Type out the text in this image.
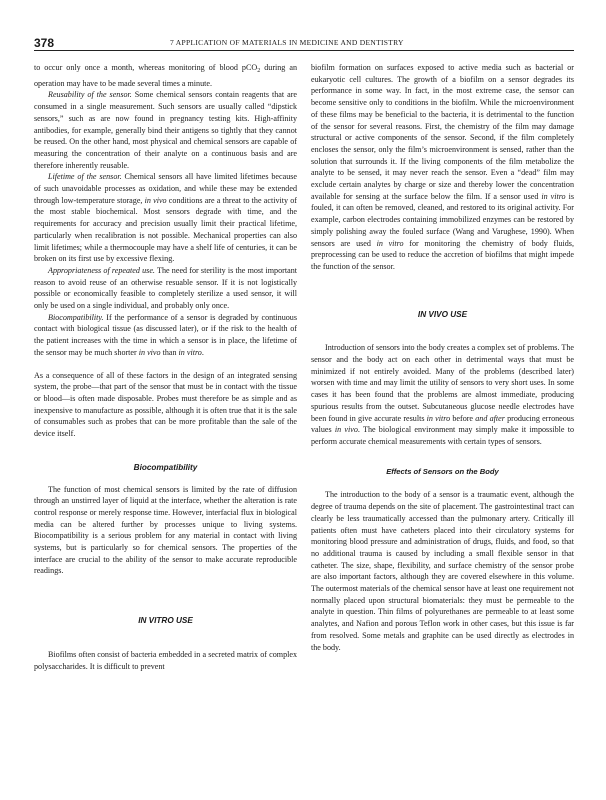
378	7 APPLICATION OF MATERIALS IN MEDICINE AND DENTISTRY

to occur only once a month, whereas monitoring of blood pCO$_2$ during an operation may have to be made several times a minute.

Reusability of the sensor. Some chemical sensors contain reagents that are consumed in a single measurement. Such sensors are usually called “dipstick sensors,” such as are now found in pregnancy testing kits. High-affinity antibodies, for example, generally bind their antigens so tightly that they cannot be reused. On the other hand, most physical and chemical sensors are capable of measuring the concentration of their analyte on a continuous basis and are therefore inherently reusable.

Lifetime of the sensor. Chemical sensors all have limited lifetimes because of such unavoidable processes as oxidation, and while these may be extended through low-temperature storage, in vivo conditions are a threat to the activity of the most stable biochemical. Most sensors degrade with time, and the requirements for accuracy and precision usually limit their practical lifetime, particularly when recalibration is not possible. Mechanical properties can also limit lifetimes; while a thermocouple may have a shelf life of centuries, it can be broken on its first use by excessive flexing.

Appropriateness of repeated use. The need for sterility is the most important reason to avoid reuse of an otherwise resuable sensor. If it is not logistically possible or economically feasible to completely sterilize a used sensor, it will only be used on a single individual, and probably only once.

Biocompatibility. If the performance of a sensor is degraded by continuous contact with biological tissue (as discussed later), or if the risk to the health of the patient increases with the time in which a sensor is in place, the lifetime of the sensor may be much shorter in vivo than in vitro.

As a consequence of all of these factors in the design of an integrated sensing system, the probe—that part of the sensor that must be in contact with the tissue or blood—is often made disposable. Probes must therefore be as simple and as inexpensive to manufacture as possible, although it is often true that it is the sale of consumables such as probes that can be more profitable than the sale of the device itself.

Biocompatibility

The function of most chemical sensors is limited by the rate of diffusion through an unstirred layer of liquid at the interface, whether the alteration is rate control response or merely response time. However, interfacial flux in biological media can be altered further by processes unique to living systems. Biocompatibility is a serious problem for any material in contact with living systems, but is particularly so for chemical sensors. The properties of the interface are crucial to the ability of the sensor to make accurate reproducible readings.

IN VITRO USE

Biofilms often consist of bacteria embedded in a secreted matrix of complex polysaccharides. It is difficult to prevent

biofilm formation on surfaces exposed to active media such as bacterial or eukaryotic cell cultures. The growth of a biofilm on a sensor degrades its performance in some way. In fact, in the most extreme case, the sensor can become sensitive only to conditions in the biofilm. While the microenvironment of these films may be beneficial to the bacteria, it is detrimental to the function of the sensor for several reasons. First, the chemistry of the film may damage structural or active components of the sensor. Second, if the film completely encloses the sensor, only the film’s microenvironment is sensed, rather than the solution that surrounds it. If the living components of the film metabolize the analyte to be sensed, it may never reach the sensor. Even a “dead” film may exclude certain analytes by charge or size and thereby lower the concentration available for sensing at the surface below the film. If a sensor used in vitro is fouled, it can often be removed, cleaned, and restored to its original activity. For example, carbon electrodes containing immobilized enzymes can be restored by simply polishing away the fouled surface (Wang and Varughese, 1990). When sensors are used in vitro for monitoring the chemistry of body fluids, preprocessing can be used to reduce the accretion of biofilms that might impede the function of the sensor.

IN VIVO USE

Introduction of sensors into the body creates a complex set of problems. The sensor and the body act on each other in detrimental ways that must be minimized if not entirely avoided. Many of the problems (described later) worsen with time and may limit the utility of sensors to very short uses. In some cases it has been found that the problems are almost immediate, producing spurious results from the outset. Subcutaneous glucose needle electrodes have been found in give accurate results in vitro before and after producing erroneous values in vivo. The biological environment may simply make it impossible to perform accurate chemical measurements with certain types of sensors.

Effects of Sensors on the Body

The introduction to the body of a sensor is a traumatic event, although the degree of trauma depends on the site of placement. The gastrointestinal tract can clearly be less traumatically accessed than the pulmonary artery. Critically ill patients often must have catheters placed into their circulatory systems for monitoring blood pressure and administration of drugs, fluids, and food, so that no additional trauma is caused by including a small flexible sensor in that catheter. The size, shape, flexibility, and surface chemistry of the sensor probe are also important factors, although they are covered elsewhere in this volume. The outermost materials of the chemical sensor have at least one requirement not normally placed upon structural biomaterials: they must be permeable to the analyte in question. Thin films of polyurethanes are permeable to at least some analytes, and Nafion and porous Teflon work in other cases, but this issue is far from resolved. Some metals and graphite can be used directly as electrodes in the body.
